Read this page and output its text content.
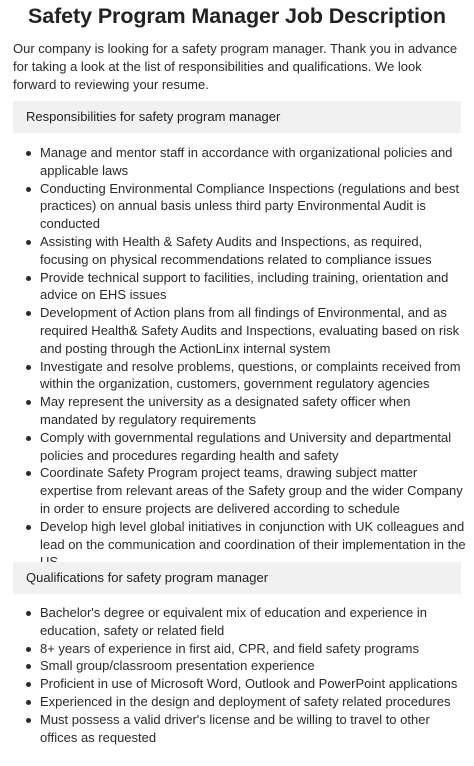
Safety Program Manager Job Description

Our company is looking for a safety program manager. Thank you in advance for taking a look at the list of responsibilities and qualifications. We look forward to reviewing your resume.

Responsibilities for safety program manager
Manage and mentor staff in accordance with organizational policies and applicable laws
Conducting Environmental Compliance Inspections (regulations and best practices) on annual basis unless third party Environmental Audit is conducted
Assisting with Health & Safety Audits and Inspections, as required, focusing on physical recommendations related to compliance issues
Provide technical support to facilities, including training, orientation and advice on EHS issues
Development of Action plans from all findings of Environmental, and as required Health& Safety Audits and Inspections, evaluating based on risk and posting through the ActionLinx internal system
Investigate and resolve problems, questions, or complaints received from within the organization, customers, government regulatory agencies
May represent the university as a designated safety officer when mandated by regulatory requirements
Comply with governmental regulations and University and departmental policies and procedures regarding health and safety
Coordinate Safety Program project teams, drawing subject matter expertise from relevant areas of the Safety group and the wider Company in order to ensure projects are delivered according to schedule
Develop high level global initiatives in conjunction with UK colleagues and lead on the communication and coordination of their implementation in the
Qualifications for safety program manager
Bachelor's degree or equivalent mix of education and experience in education, safety or related field
8+ years of experience in first aid, CPR, and field safety programs
Small group/classroom presentation experience
Proficient in use of Microsoft Word, Outlook and PowerPoint applications
Experienced in the design and deployment of safety related procedures
Must possess a valid driver's license and be willing to travel to other offices as requested
